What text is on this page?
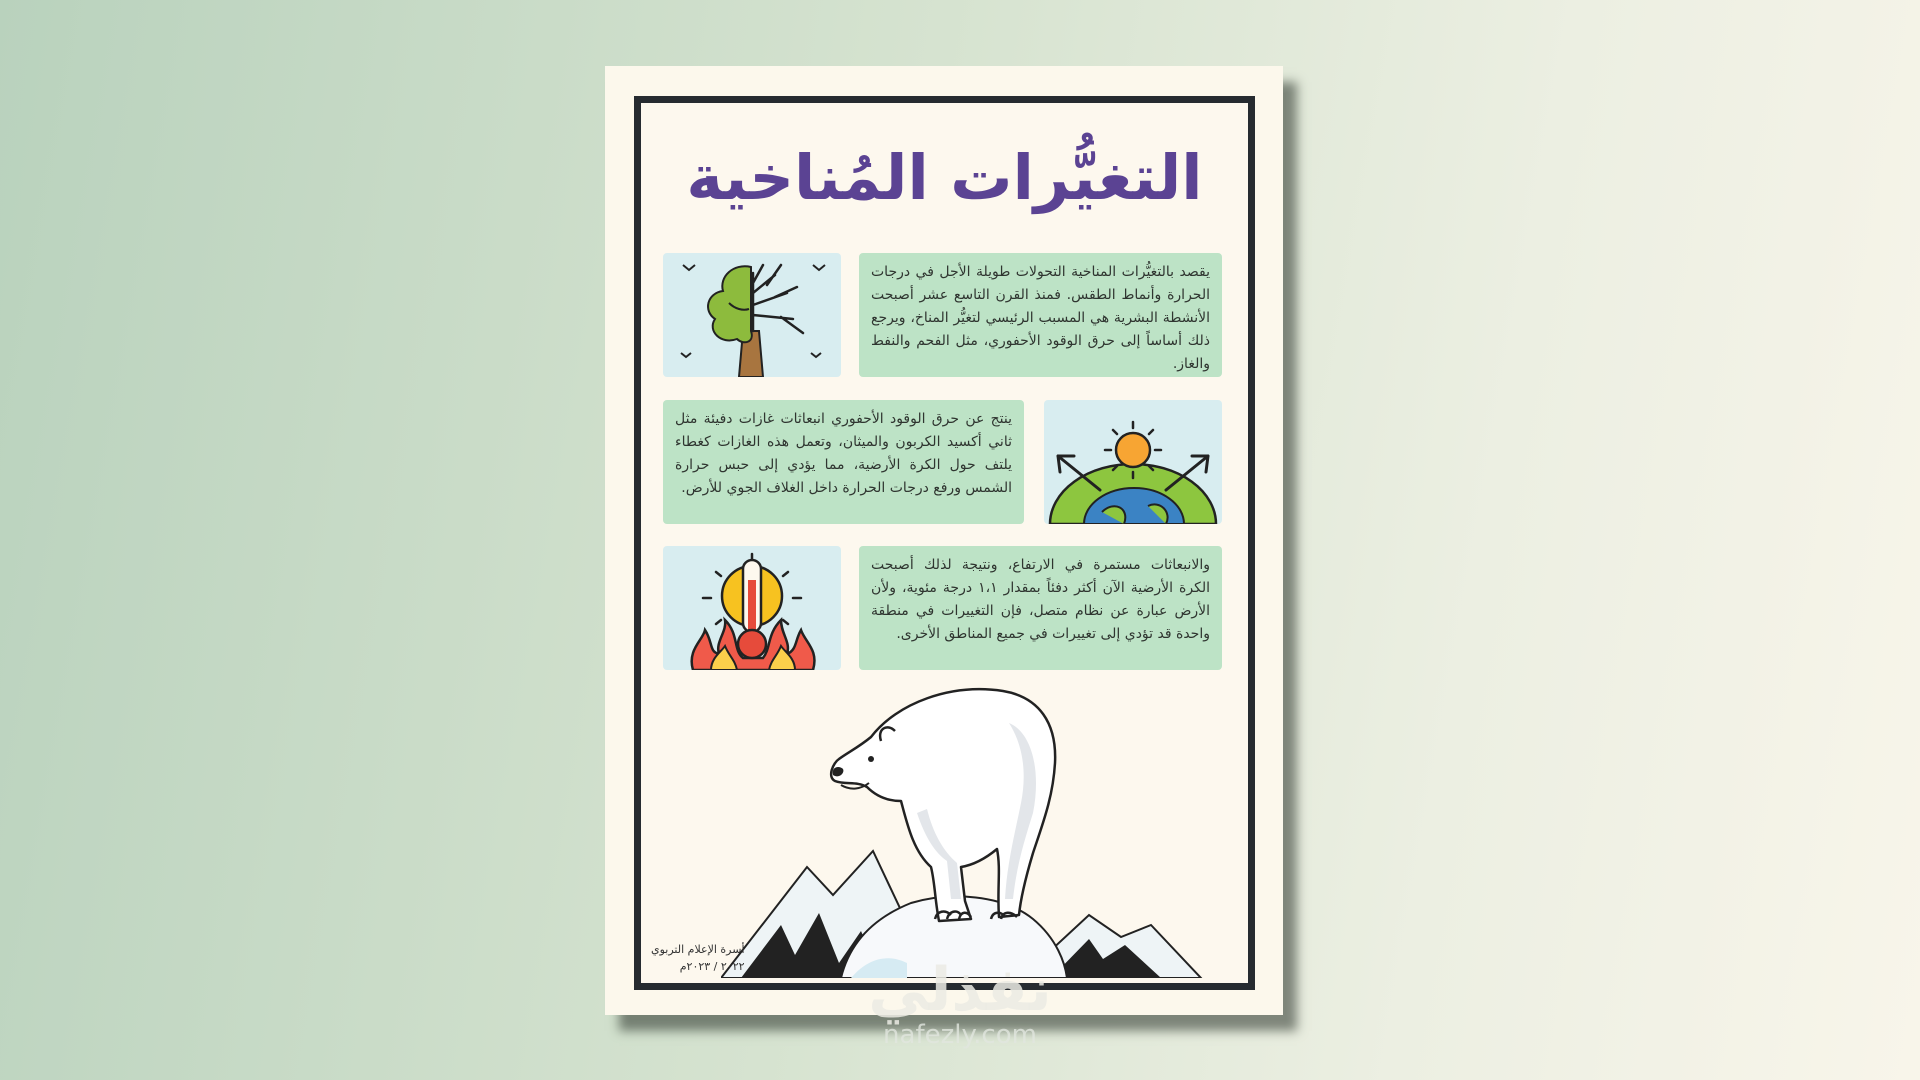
التغيُّرات المُناخية
يقصد بالتغيُّرات المناخية التحولات طويلة الأجل في درجات الحرارة وأنماط الطقس. فمنذ القرن التاسع عشر أصبحت الأنشطة البشرية هي المسبب الرئيسي لتغيُّر المناخ، ويرجع ذلك أساساً إلى حرق الوقود الأحفوري، مثل الفحم والنفط والغاز.
ينتج عن حرق الوقود الأحفوري انبعاثات غازات دفيئة مثل ثاني أكسيد الكربون والميثان، وتعمل هذه الغازات كغطاء يلتف حول الكرة الأرضية، مما يؤدي إلى حبس حرارة الشمس ورفع درجات الحرارة داخل الغلاف الجوي للأرض.
والانبعاثات مستمرة في الارتفاع، ونتيجة لذلك أصبحت الكرة الأرضية الآن أكثر دفئاً بمقدار ١،١ درجة مئوية، ولأن الأرض عبارة عن نظام متصل، فإن التغييرات في منطقة واحدة قد تؤدي إلى تغييرات في جميع المناطق الأخرى.
أسرة الإعلام التربوي
٢٠٢٢ / ٢٠٢٣م	نفذلي
nafezly.com
